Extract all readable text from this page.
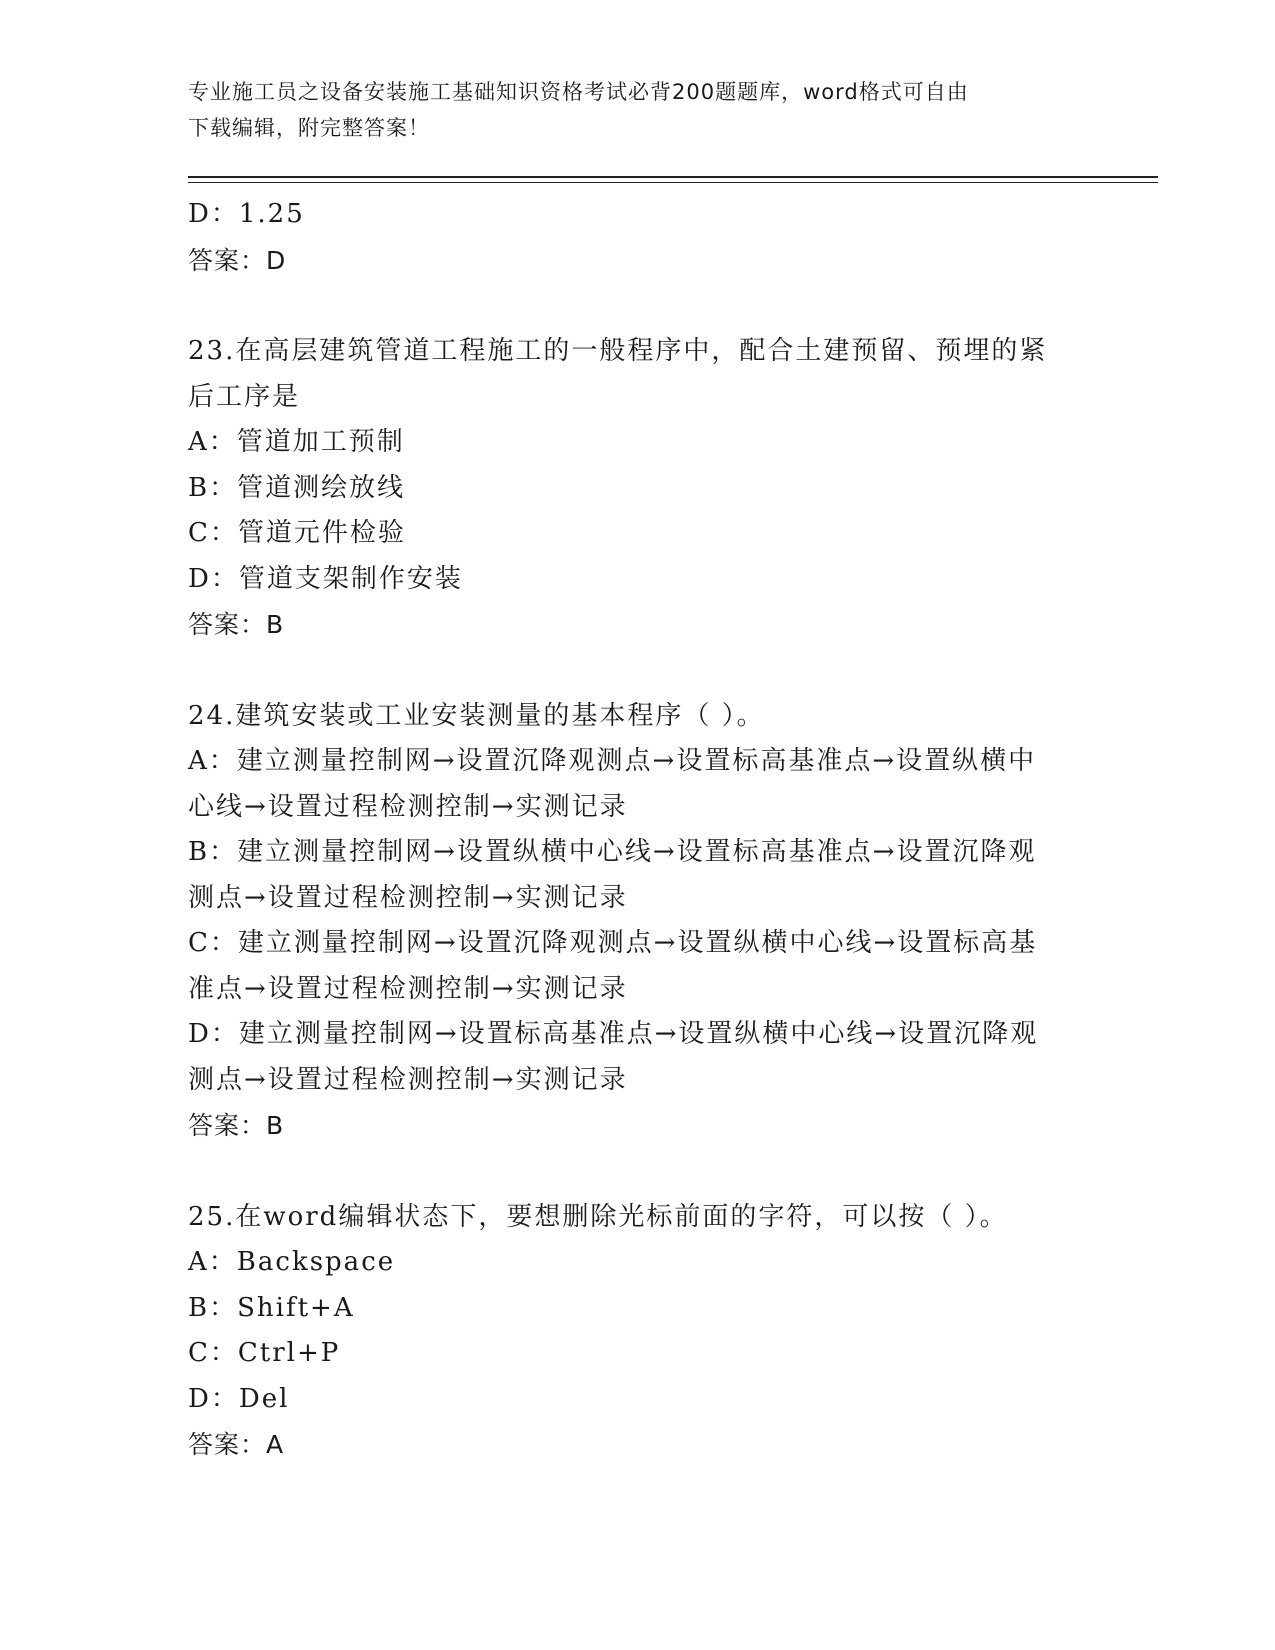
专业施工员之设备安装施工基础知识资格考试必背200题题库，word格式可自由
下载编辑，附完整答案！

D：1.25

答案：D

23.在高层建筑管道工程施工的一般程序中，配合土建预留、预埋的紧

后工序是

A：管道加工预制

B：管道测绘放线

C：管道元件检验

D：管道支架制作安装

答案：B

24.建筑安装或工业安装测量的基本程序（ ）。

A：建立测量控制网→设置沉降观测点→设置标高基准点→设置纵横中

心线→设置过程检测控制→实测记录

B：建立测量控制网→设置纵横中心线→设置标高基准点→设置沉降观

测点→设置过程检测控制→实测记录

C：建立测量控制网→设置沉降观测点→设置纵横中心线→设置标高基

准点→设置过程检测控制→实测记录

D：建立测量控制网→设置标高基准点→设置纵横中心线→设置沉降观

测点→设置过程检测控制→实测记录

答案：B

25.在word编辑状态下，要想删除光标前面的字符，可以按（ ）。

A：Backspace

B：Shift+A

C：Ctrl+P

D：Del

答案：A
